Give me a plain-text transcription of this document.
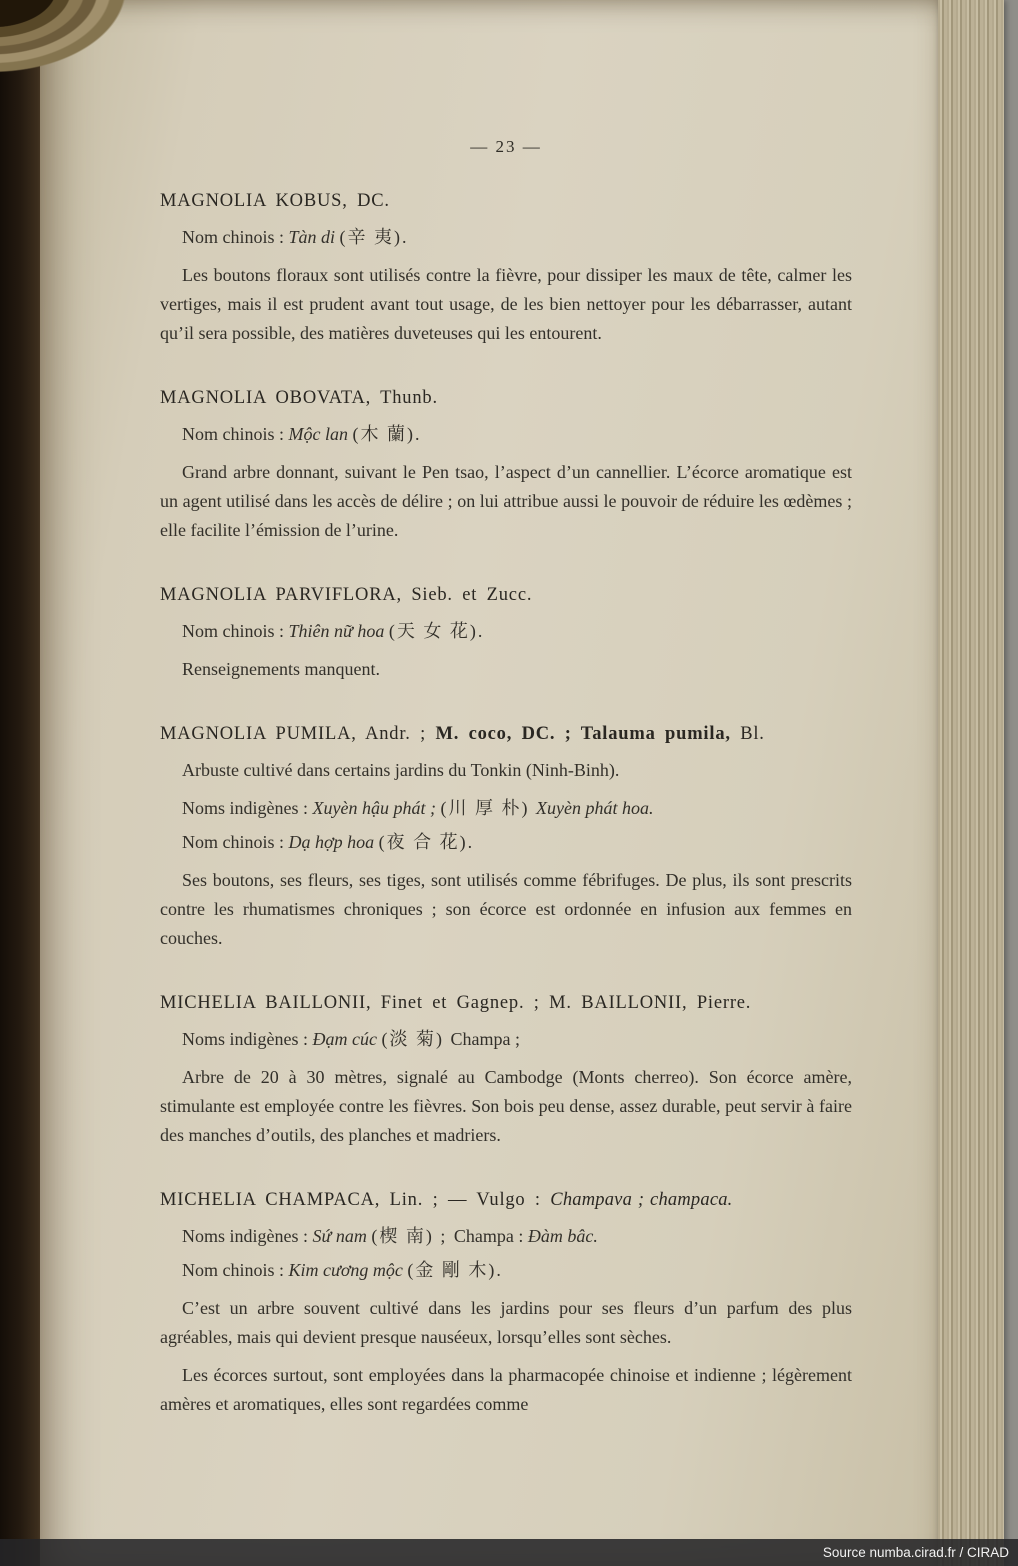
— 23 —

MAGNOLIA KOBUS, DC.

Nom chinois : Tàn di (辛 夷).

Les boutons floraux sont utilisés contre la fièvre, pour dissiper les maux de tête, calmer les vertiges, mais il est prudent avant tout usage, de les bien nettoyer pour les débarrasser, autant qu’il sera possible, des matières duveteuses qui les entourent.

MAGNOLIA OBOVATA, Thunb.

Nom chinois : Mộc lan (木 蘭).

Grand arbre donnant, suivant le Pen tsao, l’aspect d’un cannellier. L’écorce aromatique est un agent utilisé dans les accès de délire ; on lui attribue aussi le pouvoir de réduire les œdèmes ; elle facilite l’émission de l’urine.

MAGNOLIA PARVIFLORA, Sieb. et Zucc.

Nom chinois : Thiên nữ hoa (天 女 花).

Renseignements manquent.

MAGNOLIA PUMILA, Andr. ; M. coco, DC. ; Talauma pumila, Bl.

Arbuste cultivé dans certains jardins du Tonkin (Ninh-Binh).

Noms indigènes : Xuyèn hậu phát ; (川 厚 朴) Xuyèn phát hoa.

Nom chinois : Dạ hợp hoa (夜 合 花).

Ses boutons, ses fleurs, ses tiges, sont utilisés comme fébrifuges. De plus, ils sont prescrits contre les rhumatismes chroniques ; son écorce est ordonnée en infusion aux femmes en couches.

MICHELIA BAILLONII, Finet et Gagnep. ; M. BAILLONII, Pierre.

Noms indigènes : Đạm cúc (淡 菊) Champa ;

Arbre de 20 à 30 mètres, signalé au Cambodge (Monts cherreo). Son écorce amère, stimulante est employée contre les fièvres. Son bois peu dense, assez durable, peut servir à faire des manches d’outils, des planches et madriers.

MICHELIA CHAMPACA, Lin. ; — Vulgo : Champava ; champaca.

Noms indigènes : Sứ nam (楔 南) ; Champa : Đàm bâc.

Nom chinois : Kim cương mộc (金 剛 木).

C’est un arbre souvent cultivé dans les jardins pour ses fleurs d’un parfum des plus agréables, mais qui devient presque nauséeux, lorsqu’elles sont sèches.

Les écorces surtout, sont employées dans la pharmacopée chinoise et indienne ; légèrement amères et aromatiques, elles sont regardées comme

Source numba.cirad.fr / CIRAD
